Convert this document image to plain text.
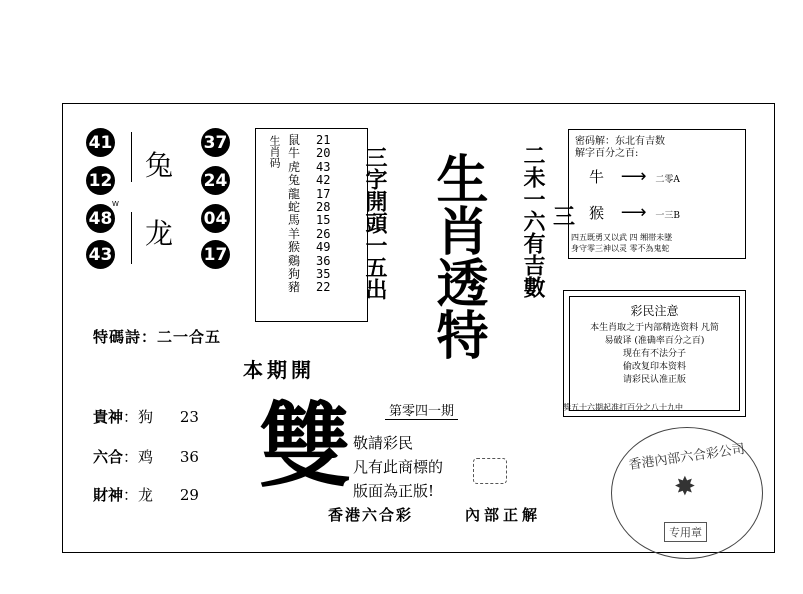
41
12
48
43
W
兔
龙
37
24
04
17
生肖码 鼠
牛
虎
兔
龍
蛇
馬
羊
猴
鷄
狗
豬
21
20
43
42
17
28
15
26
49
36
35
22 三字開頭一五出 生肖透特 二未一六有吉數 三
密码解：东北有吉数
解字百分之百:
牛 ⟶ 二零A
猴 ⟶ 一三B
四五既勇又以武 四 缃帯未墜
身守零三神以灵 零不為鬼蛇
彩民注意
本生肖取之于内部精选资料 凡简
易破译 (准确率百分之百)
现在有不法分子
偷改复印本资料
请彩民认准正版
特碼詩：二一合五
本期開
第零四一期	獎五十六期起准打百分之八十九中
貴神：狗 23
六合：鸡 36
財神：龙 29 雙 敬請彩民
凡有此商標的
版面為正版!
香港六合彩	內部正解
香港內部六合彩公司
✸
专用章
